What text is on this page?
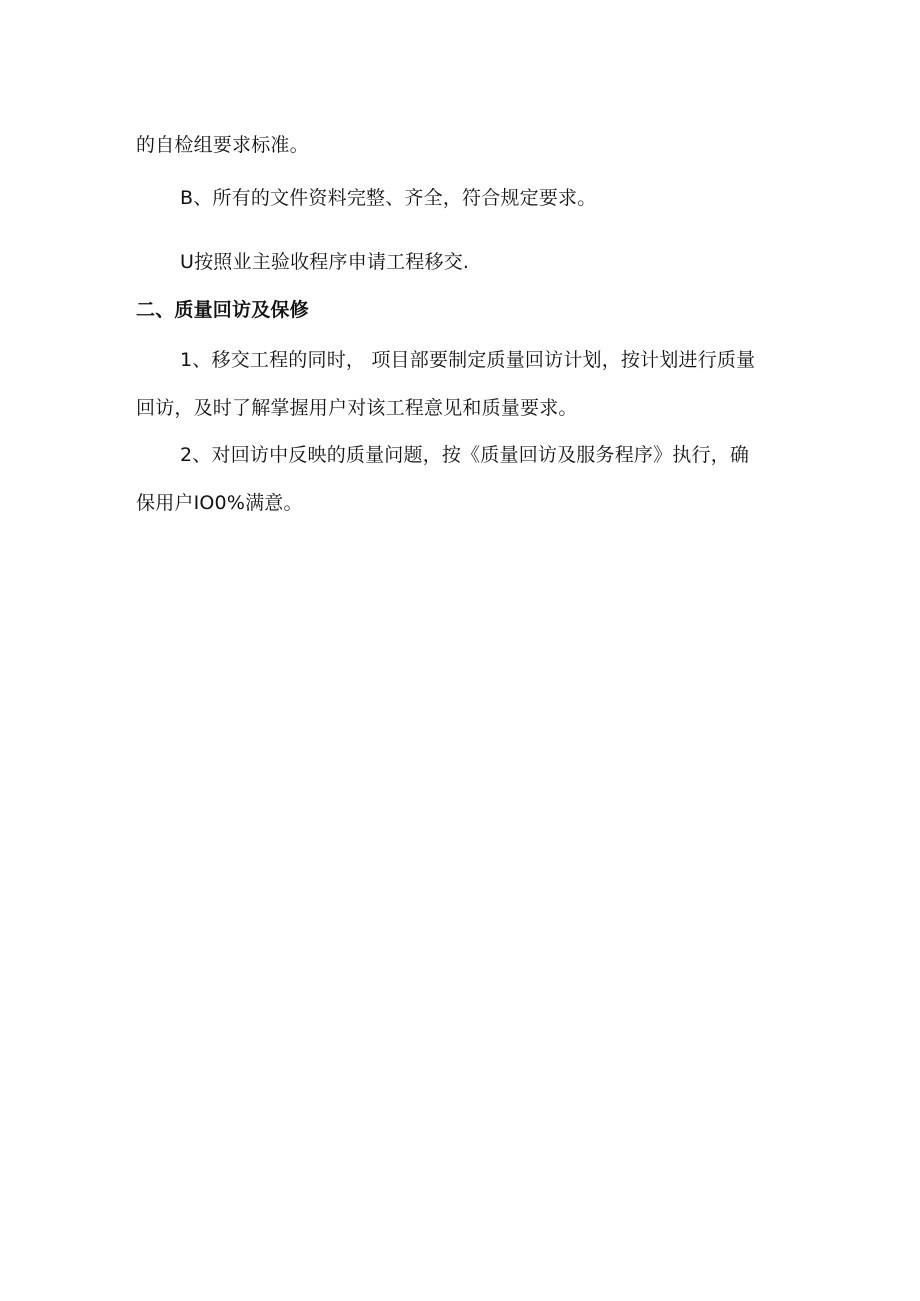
的自检组要求标准。
B、所有的文件资料完整、齐全，符合规定要求。
U按照业主验收程序申请工程移交.
二、质量回访及保修
1、移交工程的同时， 项目部要制定质量回访计划，按计划进行质量
回访，及时了解掌握用户对该工程意见和质量要求。
2、对回访中反映的质量问题，按《质量回访及服务程序》执行，确
保用户IO0%满意。
